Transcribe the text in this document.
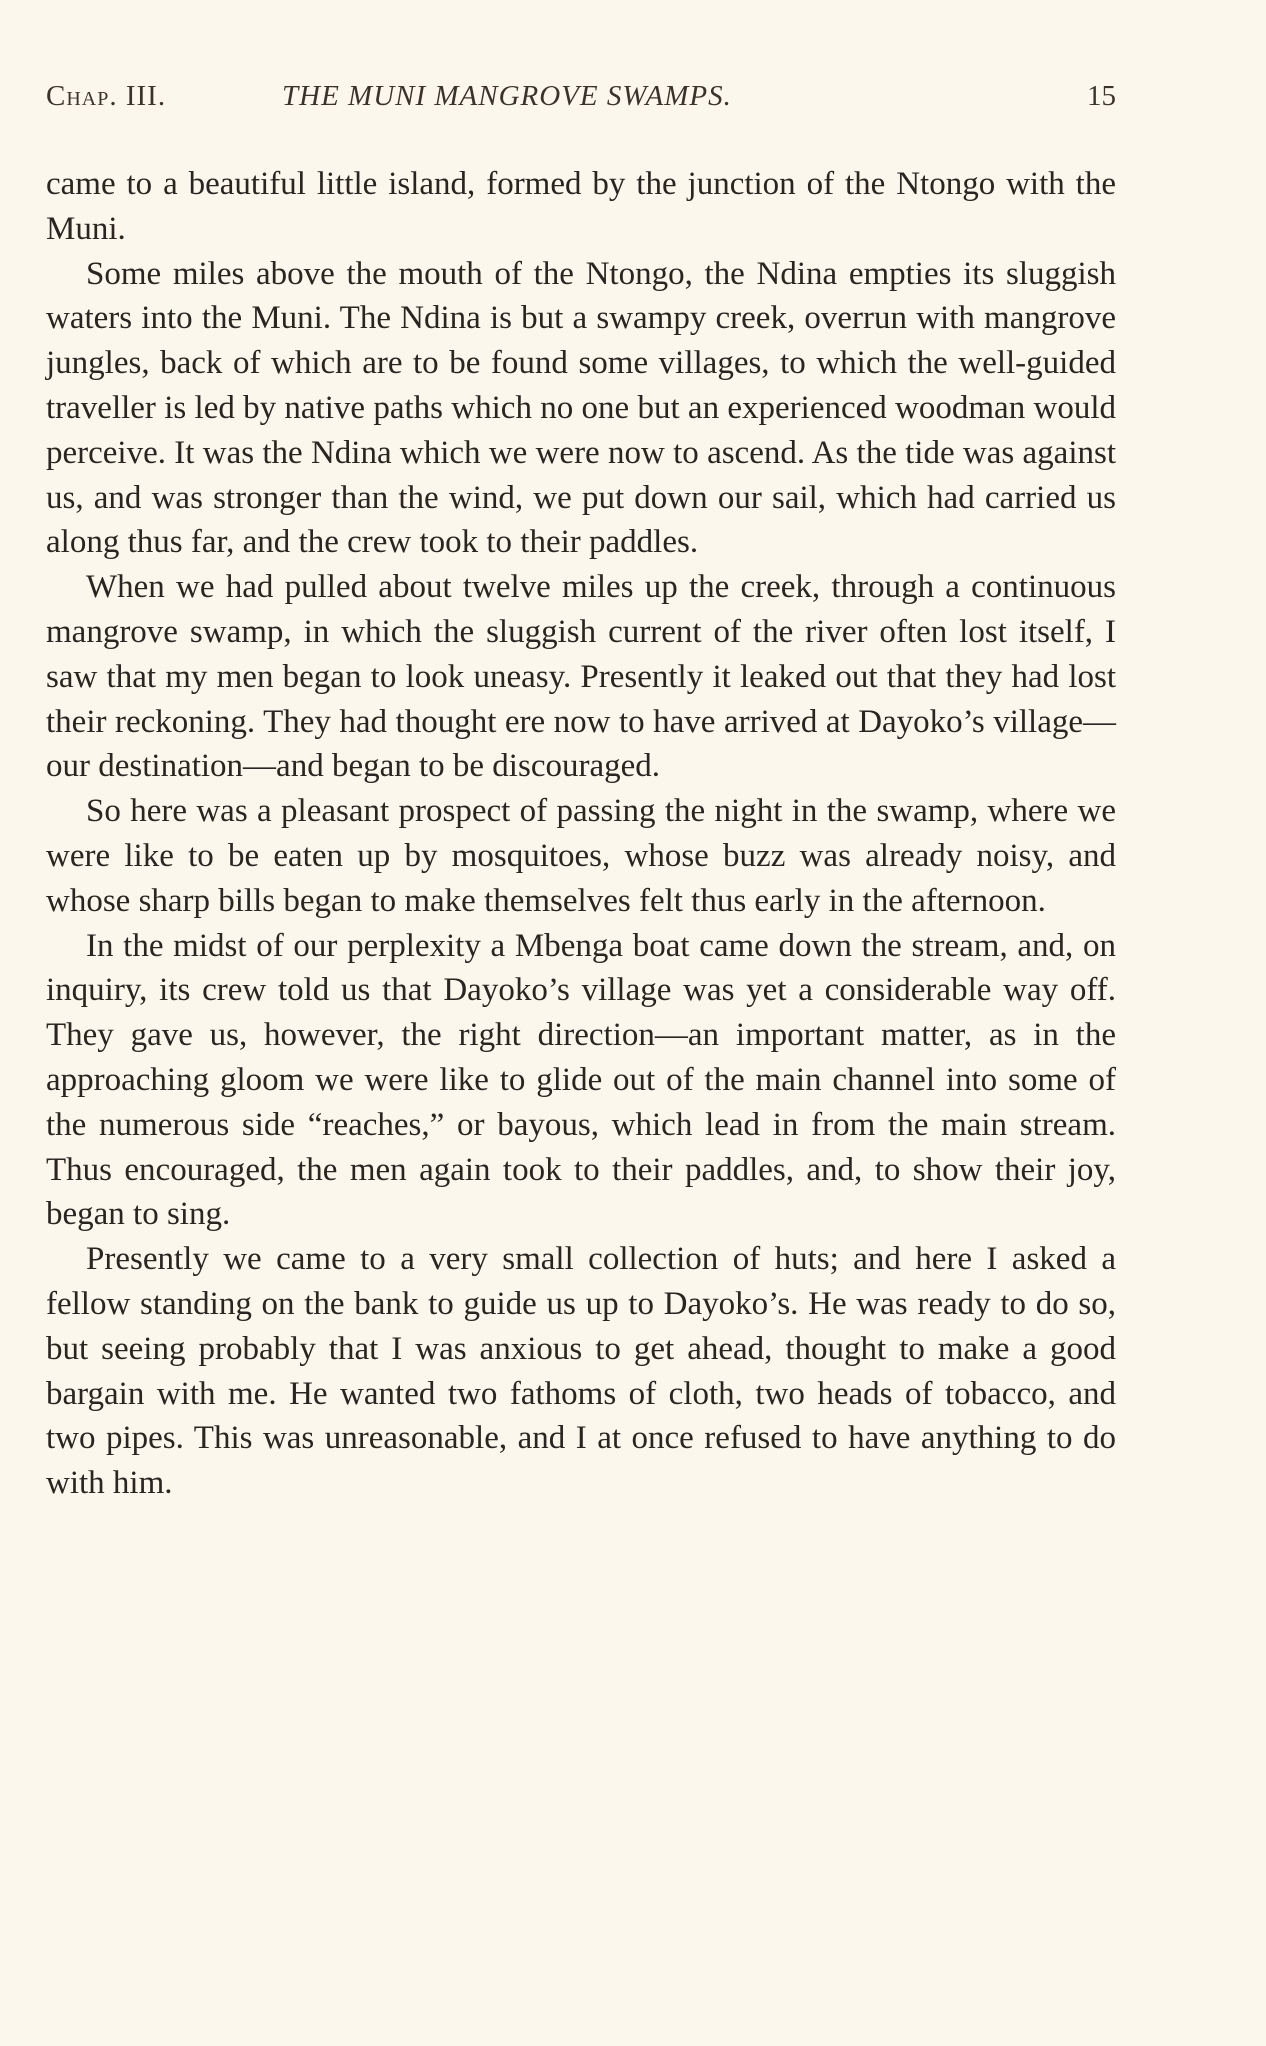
Chap. III.	THE MUNI MANGROVE SWAMPS.	15

came to a beautiful little island, formed by the junction of the Ntongo with the Muni.

Some miles above the mouth of the Ntongo, the Ndina empties its sluggish waters into the Muni. The Ndina is but a swampy creek, overrun with mangrove jungles, back of which are to be found some villages, to which the well-guided traveller is led by native paths which no one but an experienced woodman would perceive. It was the Ndina which we were now to ascend. As the tide was against us, and was stronger than the wind, we put down our sail, which had carried us along thus far, and the crew took to their paddles.

When we had pulled about twelve miles up the creek, through a continuous mangrove swamp, in which the sluggish current of the river often lost itself, I saw that my men began to look uneasy. Presently it leaked out that they had lost their reckoning. They had thought ere now to have arrived at Dayoko’s village—our destination—and began to be discouraged.

So here was a pleasant prospect of passing the night in the swamp, where we were like to be eaten up by mosquitoes, whose buzz was already noisy, and whose sharp bills began to make themselves felt thus early in the afternoon.

In the midst of our perplexity a Mbenga boat came down the stream, and, on inquiry, its crew told us that Dayoko’s village was yet a considerable way off. They gave us, however, the right direction—an important matter, as in the approaching gloom we were like to glide out of the main channel into some of the numerous side “reaches,” or bayous, which lead in from the main stream. Thus encouraged, the men again took to their paddles, and, to show their joy, began to sing.

Presently we came to a very small collection of huts; and here I asked a fellow standing on the bank to guide us up to Dayoko’s. He was ready to do so, but seeing probably that I was anxious to get ahead, thought to make a good bargain with me. He wanted two fathoms of cloth, two heads of tobacco, and two pipes. This was unreasonable, and I at once refused to have anything to do with him.
